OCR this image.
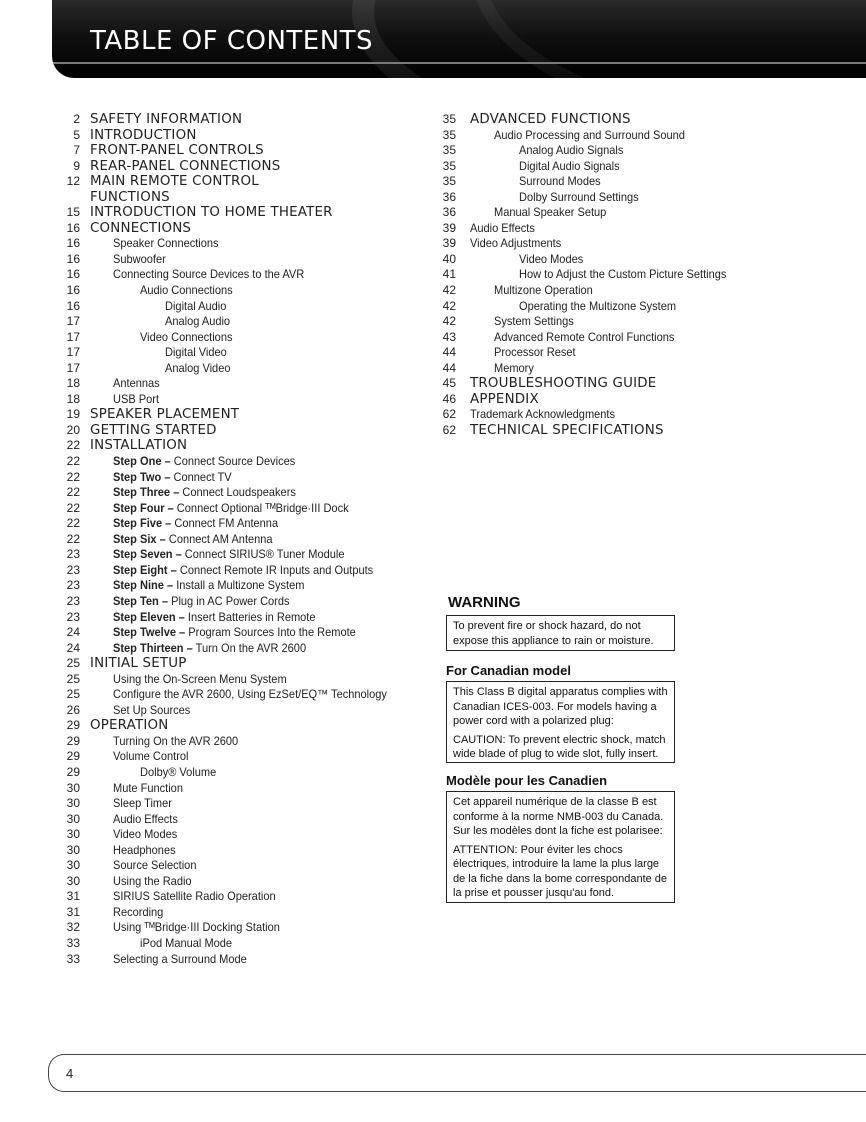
TABLE OF CONTENTS
2 SAFETY INFORMATION
5 INTRODUCTION
7 FRONT-PANEL CONTROLS
9 REAR-PANEL CONNECTIONS
12 MAIN REMOTE CONTROL
FUNCTIONS
15 INTRODUCTION TO HOME THEATER
16 CONNECTIONS
16	Speaker Connections
16	Subwoofer
16	Connecting Source Devices to the AVR
16	Audio Connections
16	Digital Audio
17	Analog Audio
17	Video Connections
17	Digital Video
17	Analog Video
18	Antennas
18	USB Port
19 SPEAKER PLACEMENT
20 GETTING STARTED
22 INSTALLATION
22	Step One – Connect Source Devices
22	Step Two – Connect TV
22	Step Three – Connect Loudspeakers
22	Step Four – Connect Optional ᵀᴹBridge·III Dock
22	Step Five – Connect FM Antenna
22	Step Six – Connect AM Antenna
23	Step Seven – Connect SIRIUS® Tuner Module
23	Step Eight – Connect Remote IR Inputs and Outputs
23	Step Nine – Install a Multizone System
23	Step Ten – Plug in AC Power Cords
23	Step Eleven – Insert Batteries in Remote
24	Step Twelve – Program Sources Into the Remote
24	Step Thirteen – Turn On the AVR 2600
25 INITIAL SETUP
25	Using the On-Screen Menu System
25	Configure the AVR 2600, Using EzSet/EQ™ Technology
26	Set Up Sources
29 OPERATION
29	Turning On the AVR 2600
29	Volume Control
29	Dolby® Volume
30	Mute Function
30	Sleep Timer
30	Audio Effects
30	Video Modes
30	Headphones
30	Source Selection
30	Using the Radio
31	SIRIUS Satellite Radio Operation
31	Recording
32	Using ᵀᴹBridge·III Docking Station
33	iPod Manual Mode
33	Selecting a Surround Mode
35 ADVANCED FUNCTIONS
35	Audio Processing and Surround Sound
35	Analog Audio Signals
35	Digital Audio Signals
35	Surround Modes
36	Dolby Surround Settings
36	Manual Speaker Setup
39 Audio Effects
39 Video Adjustments
40	Video Modes
41	How to Adjust the Custom Picture Settings
42	Multizone Operation
42	Operating the Multizone System
42	System Settings
43	Advanced Remote Control Functions
44	Processor Reset
44	Memory
45 TROUBLESHOOTING GUIDE
46 APPENDIX
62 Trademark Acknowledgments
62 TECHNICAL SPECIFICATIONS
WARNING

To prevent fire or shock hazard, do not expose this appliance to rain or moisture.

For Canadian model

This Class B digital apparatus complies with Canadian ICES-003. For models having a power cord with a polarized plug:

CAUTION: To prevent electric shock, match wide blade of plug to wide slot, fully insert.

Modèle pour les Canadien

Cet appareil numérique de la classe B est conforme à la norme NMB-003 du Canada. Sur les modèles dont la fiche est polarisee:

ATTENTION: Pour éviter les chocs électriques, introduire la lame la plus large de la fiche dans la bome correspondante de la prise et pousser jusqu'au fond.

4
